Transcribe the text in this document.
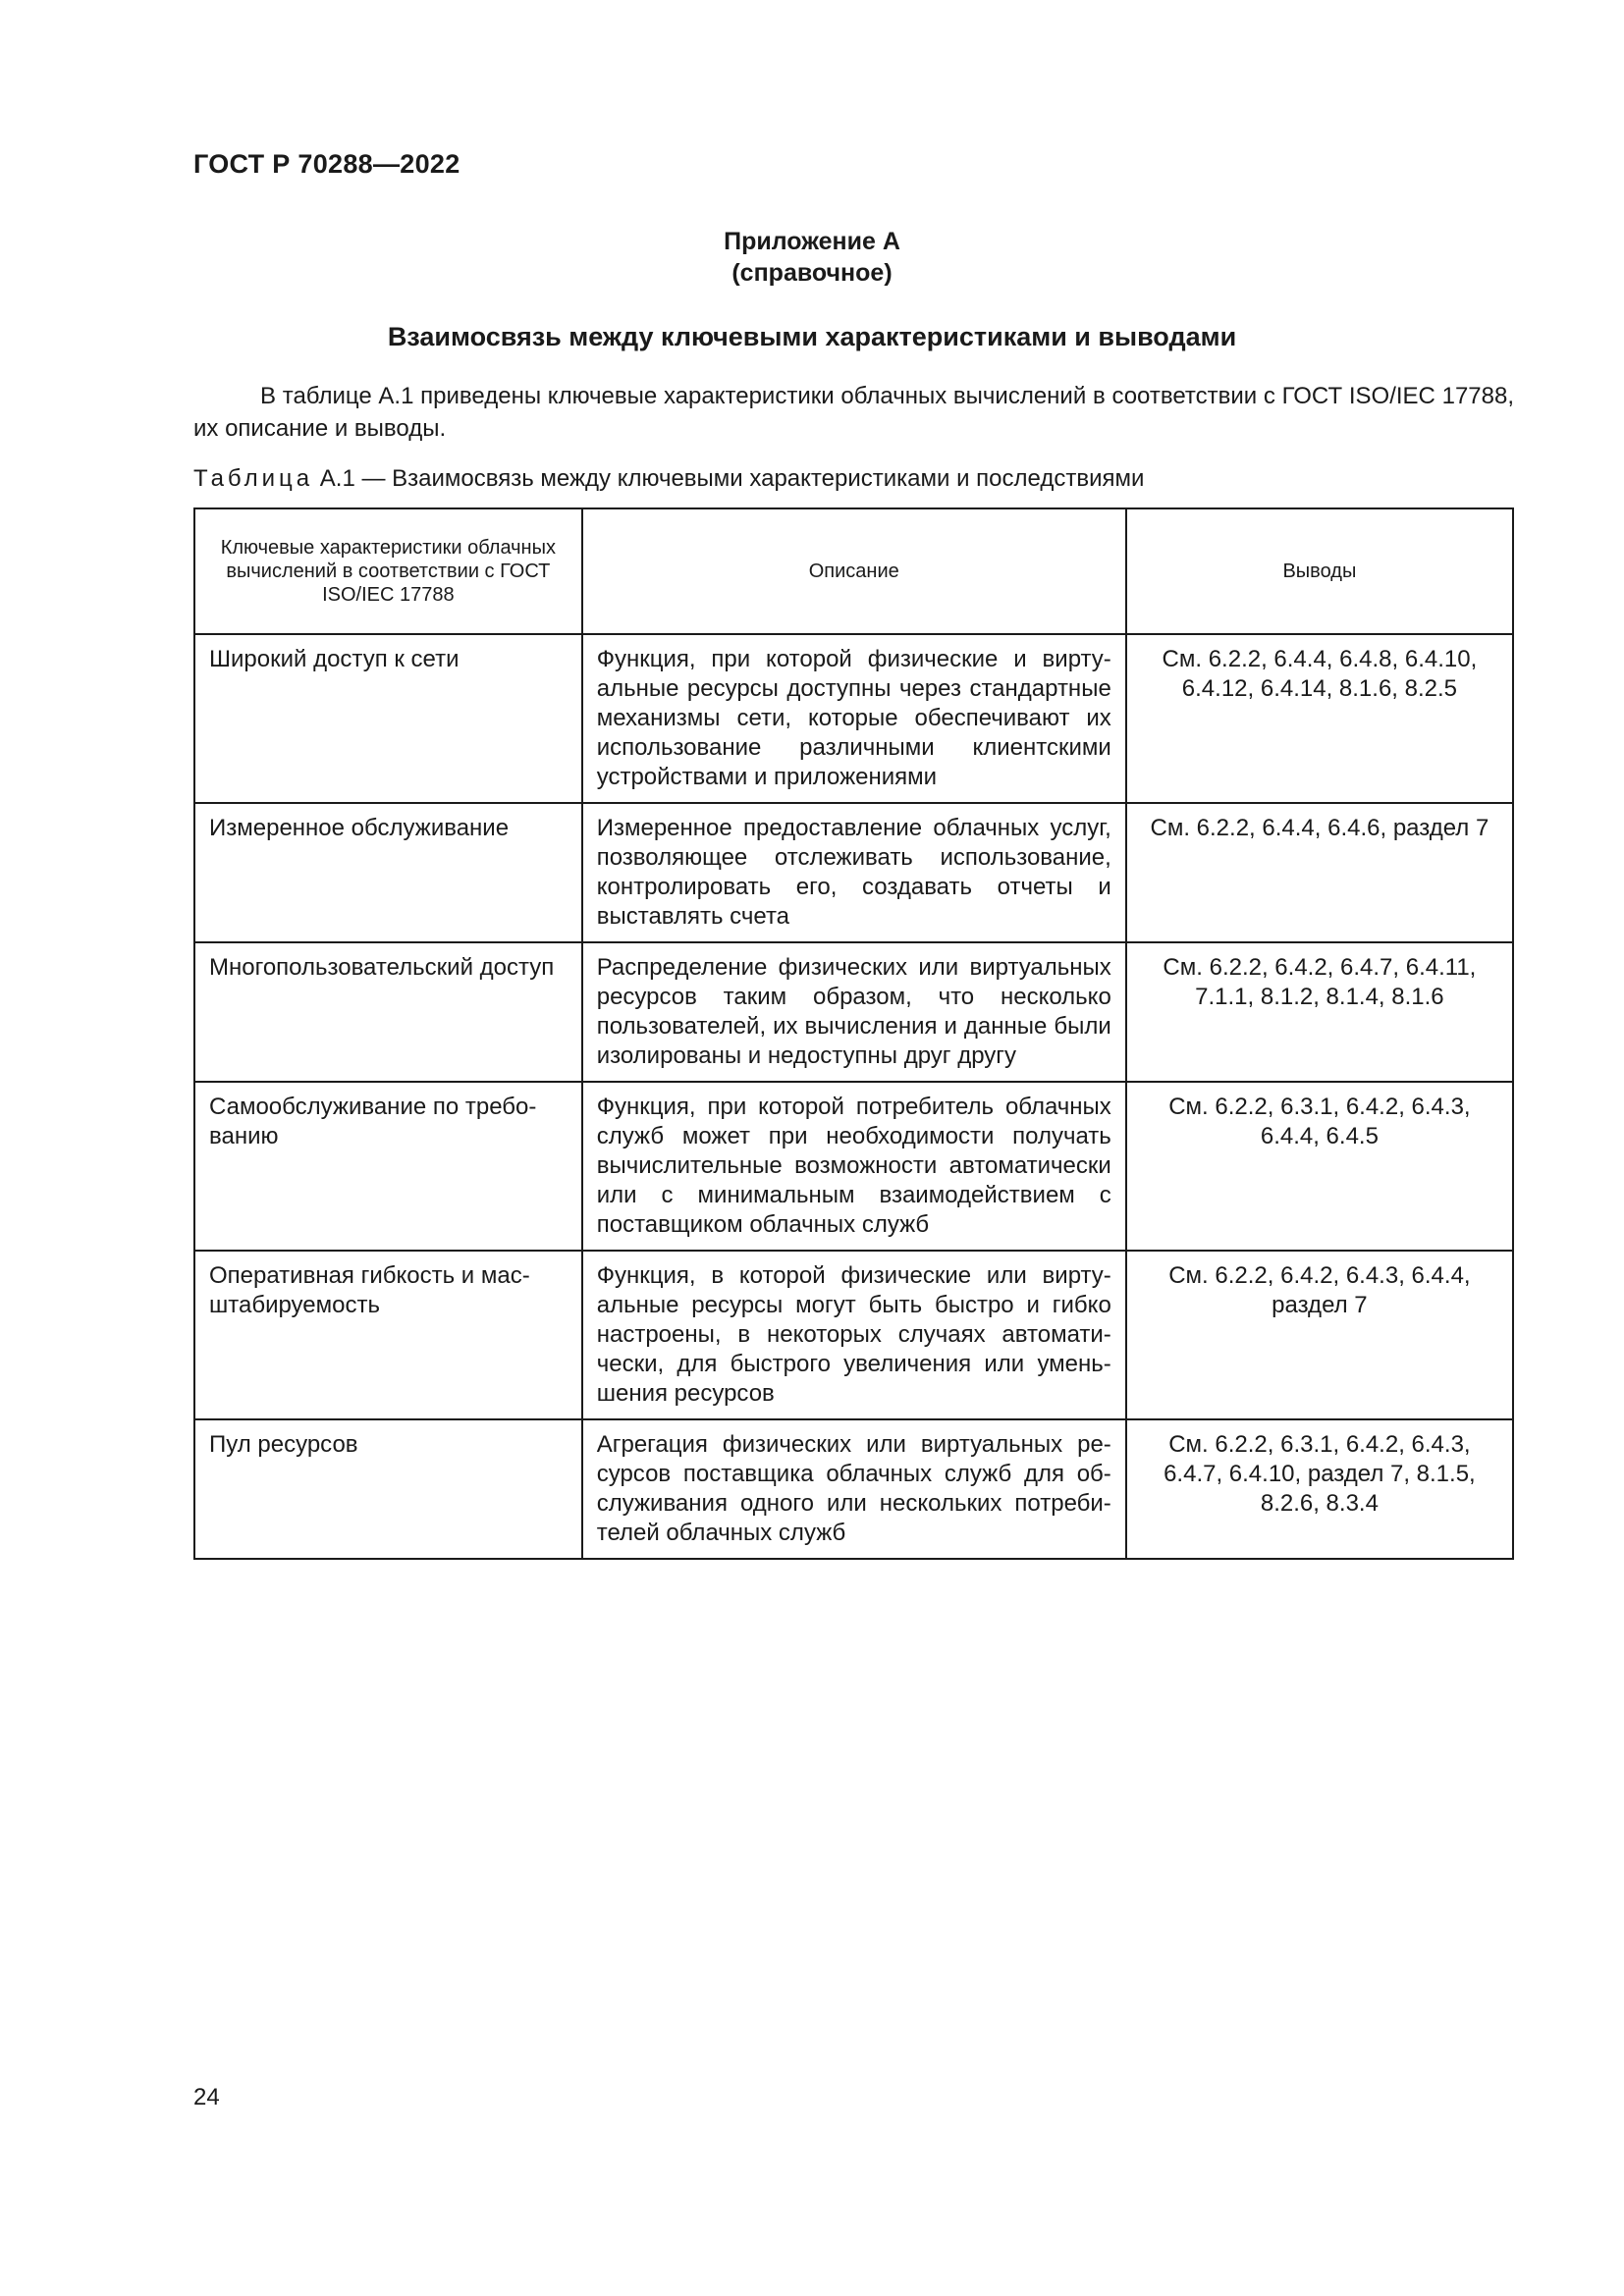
ГОСТ Р 70288—2022
Приложение А
(справочное)
Взаимосвязь между ключевыми характеристиками и выводами

В таблице А.1 приведены ключевые характеристики облачных вычислений в соответствии с ГОСТ ISO/IEC 17788, их описание и выводы.

Таблица А.1 — Взаимосвязь между ключевыми характеристиками и последствиями
Ключевые характеристики облачных вычислений в соответствии с ГОСТ ISO/IEC 17788	Описание	Выводы
Широкий доступ к сети	Функция, при которой физические и виртуальные ресурсы доступны через стандартные механизмы сети, которые обеспечивают их использование различными клиентскими устройствами и приложениями	См. 6.2.2, 6.4.4, 6.4.8, 6.4.10, 6.4.12, 6.4.14, 8.1.6, 8.2.5
Измеренное обслуживание	Измеренное предоставление облачных услуг, позволяющее отслеживать использование, контролировать его, создавать отчеты и выставлять счета	См. 6.2.2, 6.4.4, 6.4.6, раздел 7
Многопользовательский доступ	Распределение физических или виртуальных ресурсов таким образом, что несколько пользователей, их вычисления и данные были изолированы и недоступны друг другу	См. 6.2.2, 6.4.2, 6.4.7, 6.4.11, 7.1.1, 8.1.2, 8.1.4, 8.1.6
Самообслуживание по требованию	Функция, при которой потребитель облачных служб может при необходимости получать вычислительные возможности автоматически или с минимальным взаимодействием с поставщиком облачных служб	См. 6.2.2, 6.3.1, 6.4.2, 6.4.3, 6.4.4, 6.4.5
Оперативная гибкость и масштабируемость	Функция, в которой физические или виртуальные ресурсы могут быть быстро и гибко настроены, в некоторых случаях автоматически, для быстрого увеличения или уменьшения ресурсов	См. 6.2.2, 6.4.2, 6.4.3, 6.4.4, раздел 7
Пул ресурсов	Агрегация физических или виртуальных ресурсов поставщика облачных служб для обслуживания одного или нескольких потребителей облачных служб	См. 6.2.2, 6.3.1, 6.4.2, 6.4.3, 6.4.7, 6.4.10, раздел 7, 8.1.5, 8.2.6, 8.3.4
24
